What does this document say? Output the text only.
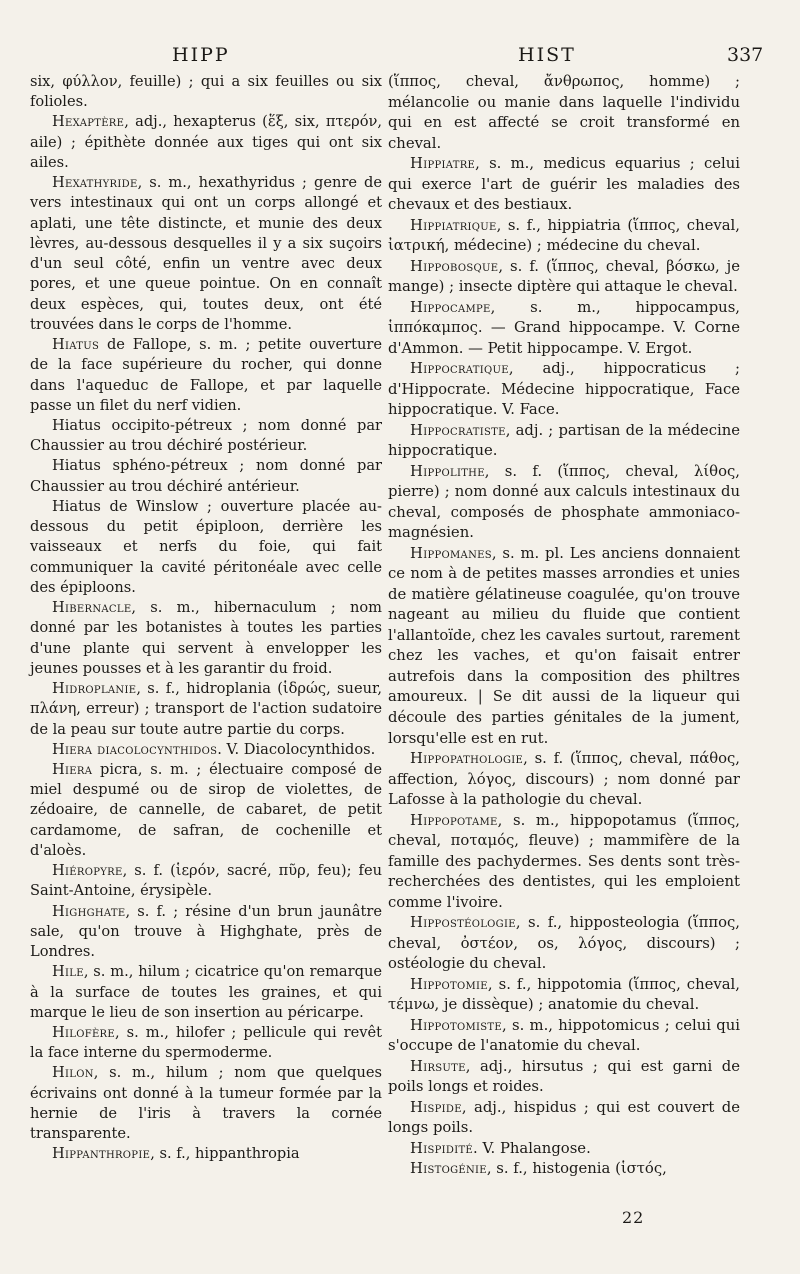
HIPP	HIST	337

six, φύλλον, feuille) ; qui a six feuilles ou six folioles.

Hexaptère, adj., hexapterus (ἕξ, six, πτερόν, aile) ; épithète donnée aux tiges qui ont six ailes.

Hexathyride, s. m., hexathyridus ; genre de vers intestinaux qui ont un corps allongé et aplati, une tête distincte, et munie des deux lèvres, au-dessous desquelles il y a six suçoirs d'un seul côté, enfin un ventre avec deux pores, et une queue pointue. On en connaît deux espèces, qui, toutes deux, ont été trouvées dans le corps de l'homme.

Hiatus de Fallope, s. m. ; petite ouverture de la face supérieure du rocher, qui donne dans l'aqueduc de Fallope, et par laquelle passe un filet du nerf vidien.

Hiatus occipito-pétreux ; nom donné par Chaussier au trou déchiré postérieur.

Hiatus sphéno-pétreux ; nom donné par Chaussier au trou déchiré antérieur.

Hiatus de Winslow ; ouverture placée au-dessous du petit épiploon, derrière les vaisseaux et nerfs du foie, qui fait communiquer la cavité péritonéale avec celle des épiploons.

Hibernacle, s. m., hibernaculum ; nom donné par les botanistes à toutes les parties d'une plante qui servent à envelopper les jeunes pousses et à les garantir du froid.

Hidroplanie, s. f., hidroplania (ἱδρώς, sueur, πλάνη, erreur) ; transport de l'action sudatoire de la peau sur toute autre partie du corps.

Hiera diacolocynthidos. V. Diacolocynthidos.

Hiera picra, s. m. ; électuaire composé de miel despumé ou de sirop de violettes, de zédoaire, de cannelle, de cabaret, de petit cardamome, de safran, de cochenille et d'aloès.

Hiéropyre, s. f. (ἱερόν, sacré, πῦρ, feu); feu Saint-Antoine, érysipèle.

Highghate, s. f. ; résine d'un brun jaunâtre sale, qu'on trouve à Highghate, près de Londres.

Hile, s. m., hilum ; cicatrice qu'on remarque à la surface de toutes les graines, et qui marque le lieu de son insertion au péricarpe.

Hilofère, s. m., hilofer ; pellicule qui revêt la face interne du spermoderme.

Hilon, s. m., hilum ; nom que quelques écrivains ont donné à la tumeur formée par la hernie de l'iris à travers la cornée transparente.

Hippanthropie, s. f., hippanthropia

(ἵππος, cheval, ἄνθρωπος, homme) ; mélancolie ou manie dans laquelle l'individu qui en est affecté se croit transformé en cheval.

Hippiatre, s. m., medicus equarius ; celui qui exerce l'art de guérir les maladies des chevaux et des bestiaux.

Hippiatrique, s. f., hippiatria (ἵππος, cheval, ἰατρική, médecine) ; médecine du cheval.

Hippobosque, s. f. (ἵππος, cheval, βόσκω, je mange) ; insecte diptère qui attaque le cheval.

Hippocampe, s. m., hippocampus, ἱππόκαμπος. — Grand hippocampe. V. Corne d'Ammon. — Petit hippocampe. V. Ergot.

Hippocratique, adj., hippocraticus ; d'Hippocrate. Médecine hippocratique, Face hippocratique. V. Face.

Hippocratiste, adj. ; partisan de la médecine hippocratique.

Hippolithe, s. f. (ἵππος, cheval, λίθος, pierre) ; nom donné aux calculs intestinaux du cheval, composés de phosphate ammoniaco-magnésien.

Hippomanes, s. m. pl. Les anciens donnaient ce nom à de petites masses arrondies et unies de matière gélatineuse coagulée, qu'on trouve nageant au milieu du fluide que contient l'allantoïde, chez les cavales surtout, rarement chez les vaches, et qu'on faisait entrer autrefois dans la composition des philtres amoureux. | Se dit aussi de la liqueur qui découle des parties génitales de la jument, lorsqu'elle est en rut.

Hippopathologie, s. f. (ἵππος, cheval, πάθος, affection, λόγος, discours) ; nom donné par Lafosse à la pathologie du cheval.

Hippopotame, s. m., hippopotamus (ἵππος, cheval, ποταμός, fleuve) ; mammifère de la famille des pachydermes. Ses dents sont très-recherchées des dentistes, qui les emploient comme l'ivoire.

Hippostéologie, s. f., hipposteologia (ἵππος, cheval, ὀστέον, os, λόγος, discours) ; ostéologie du cheval.

Hippotomie, s. f., hippotomia (ἵππος, cheval, τέμνω, je dissèque) ; anatomie du cheval.

Hippotomiste, s. m., hippotomicus ; celui qui s'occupe de l'anatomie du cheval.

Hirsute, adj., hirsutus ; qui est garni de poils longs et roides.

Hispide, adj., hispidus ; qui est couvert de longs poils.

Hispidité. V. Phalangose.

Histogénie, s. f., histogenia (ἱστός,

22
